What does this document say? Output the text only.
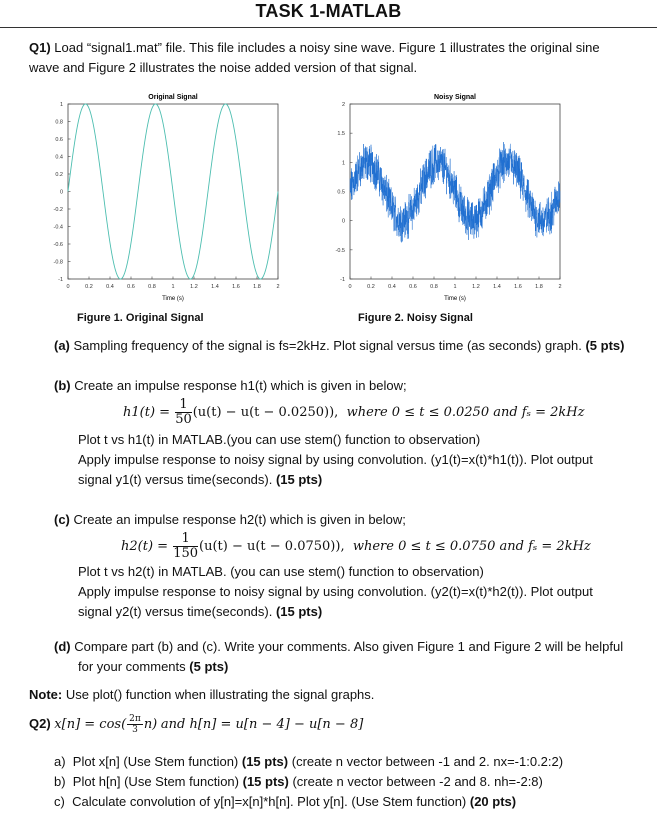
TASK 1-MATLAB
Q1) Load “signal1.mat” file. This file includes a noisy sine wave. Figure 1 illustrates the original sine
wave and Figure 2 illustrates the noise added version of that signal.
Original Signal
-1
-0.8
-0.6
-0.4
-0.2
0
0.2
0.4
0.6
0.8
1
0	0.2 0.4 0.6 0.8	1	1.2 1.4 1.6 1.8	2
Time (s)
Noisy Signal
-1
-0.5
0
0.5
1
1.5
2
0	0.2 0.4 0.6 0.8	1	1.2 1.4 1.6 1.8	2
Time (s)
Figure 1. Original Signal	Figure 2. Noisy Signal
(a) Sampling frequency of the signal is fs=2kHz. Plot signal versus time (as seconds) graph. (5 pts)
(b) Create an impulse response h1(t) which is given in below;
$h1(t) = \frac{1}{50} (u(t) - u(t - 0.0250))$, where 0 ≤ t ≤ 0.0250 and fₛ = 2kHz
Plot t vs h1(t) in MATLAB.(you can use stem() function to observation)
Apply impulse response to noisy signal by using convolution. (y1(t)=x(t)*h1(t)). Plot output
signal y1(t) versus time(seconds). (15 pts)
(c) Create an impulse response h2(t) which is given in below;
$h2(t) = \frac{1}{150} (u(t) - u(t - 0.0750))$, where 0 ≤ t ≤ 0.0750 and fₛ = 2kHz
Plot t vs h2(t) in MATLAB. (you can use stem() function to observation)
Apply impulse response to noisy signal by using convolution. (y2(t)=x(t)*h2(t)). Plot output
signal y2(t) versus time(seconds). (15 pts)
(d) Compare part (b) and (c). Write your comments. Also given Figure 1 and Figure 2 will be helpful
for your comments (5 pts)
Note: Use plot() function when illustrating the signal graphs.
Q2) $x[n] = \cos( \frac{2\pi}{3} n)$ and h[n] = u[n − 4] − u[n − 8]
a) Plot x[n] (Use Stem function) (15 pts) (create n vector between -1 and 2. nx=-1:0.2:2)
b) Plot h[n] (Use Stem function) (15 pts) (create n vector between -2 and 8. nh=-2:8)
c) Calculate convolution of y[n]=x[n]*h[n]. Plot y[n]. (Use Stem function) (20 pts)
